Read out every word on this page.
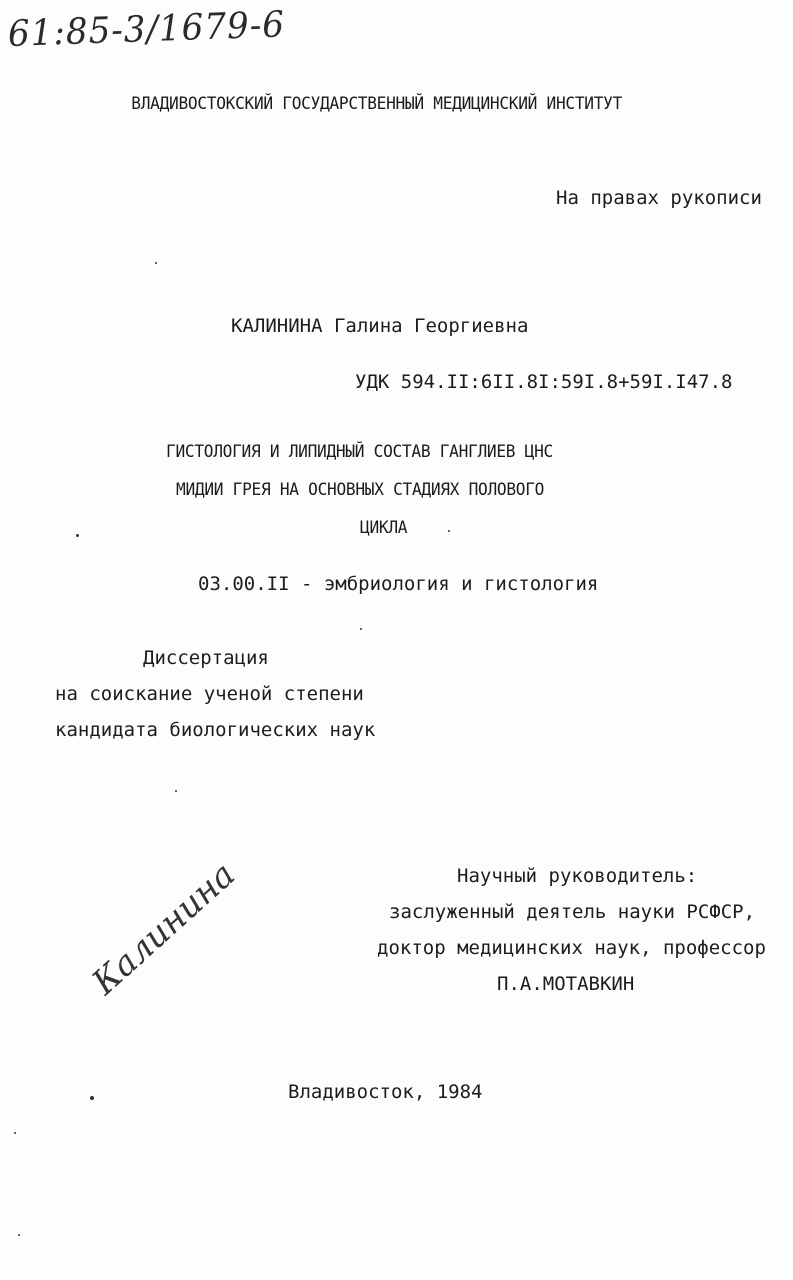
61:85-3/1679-6
ВЛАДИВОСТОКСКИЙ ГОСУДАРСТВЕННЫЙ МЕДИЦИНСКИЙ ИНСТИТУТ
На правах рукописи
КАЛИНИНА Галина Георгиевна
УДК 594.II:6II.8I:59I.8+59I.I47.8
ГИСТОЛОГИЯ И ЛИПИДНЫЙ СОСТАВ ГАНГЛИЕВ ЦНС
МИДИИ ГРЕЯ НА ОСНОВНЫХ СТАДИЯХ ПОЛОВОГО
ЦИКЛА
03.00.II - эмбриология и гистология
Диссертация
на соискание ученой степени
кандидата биологических наук
Научный руководитель:
заслуженный деятель науки РСФСР,
доктор медицинских наук, профессор
П.А.МОТАВКИН
Калинина
Владивосток, 1984
